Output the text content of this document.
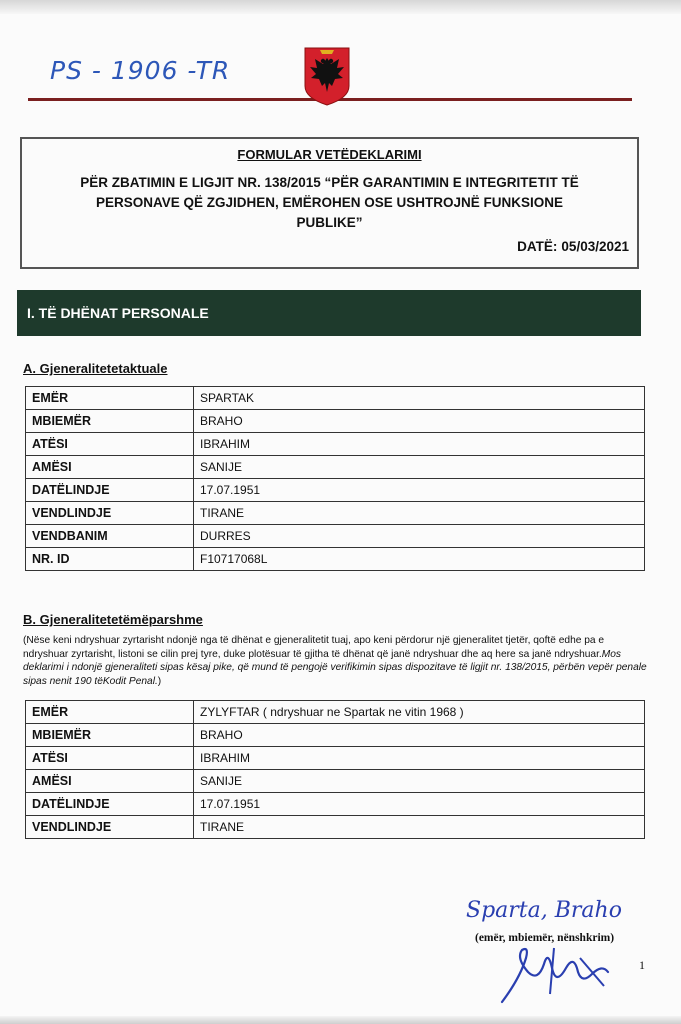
PS - 1906 -TR
FORMULAR VETËDEKLARIMI
PËR ZBATIMIN E LIGJIT NR. 138/2015 “PËR GARANTIMIN E INTEGRITETIT TË
PERSONAVE QË ZGJIDHEN, EMËROHEN OSE USHTROJNË FUNKSIONE
PUBLIKE”
DATË: 05/03/2021
I. TË DHËNAT PERSONALE
A. Gjeneralitetetaktuale
EMËR	SPARTAK
MBIEMËR	BRAHO
ATËSI	IBRAHIM
AMËSI	SANIJE
DATËLINDJE	17.07.1951
VENDLINDJE	TIRANE
VENDBANIM	DURRES
NR. ID	F10717068L
B. Gjeneralitetetëmëparshme
(Nëse keni ndryshuar zyrtarisht ndonjë nga të dhënat e gjeneralitetit tuaj, apo keni përdorur një gjeneralitet tjetër, qoftë edhe pa e ndryshuar zyrtarisht, listoni se cilin prej tyre, duke plotësuar të gjitha të dhënat që janë ndryshuar dhe aq here sa janë ndryshuar.Mos deklarimi i ndonjë gjeneraliteti sipas kësaj pike, që mund të pengojë verifikimin sipas dispozitave të ligjit nr. 138/2015, përbën vepër penale sipas nenit 190 tëKodit Penal.)
EMËR	ZYLYFTAR ( ndryshuar ne Spartak ne vitin 1968 )
MBIEMËR	BRAHO
ATËSI	IBRAHIM
AMËSI	SANIJE
DATËLINDJE	17.07.1951
VENDLINDJE	TIRANE
Sparta, Braho
(emër, mbiemër, nënshkrim)
1
